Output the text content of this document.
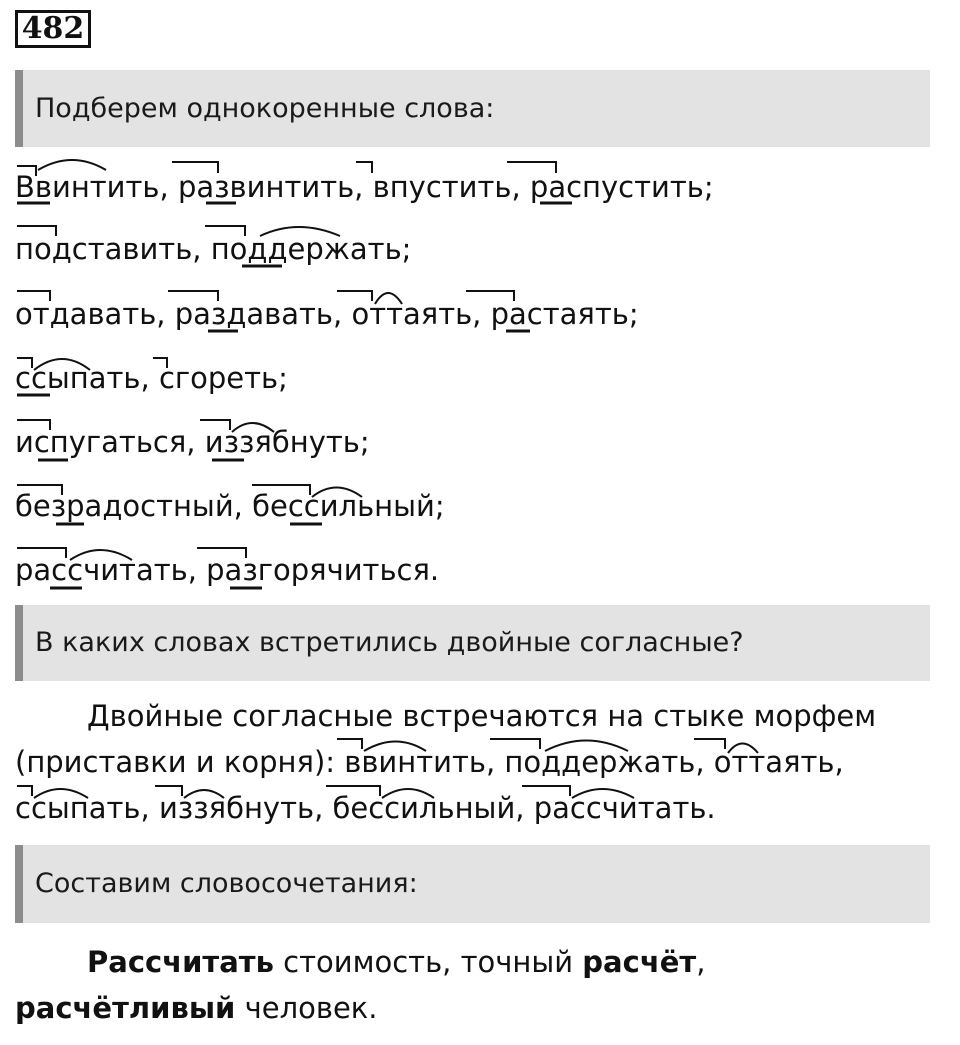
482
Подберем однокоренные слова:
Ввинтить, развинтить, впустить, распустить;
подставить, поддержать;
отдавать, раздавать, оттаять, растаять;
ссыпать, сгореть;
испугаться, иззябнуть;
безрадостный, бессильный;
рассчитать, разгорячиться.
В каких словах встретились двойные согласные?
Двойные согласные встречаются на стыке морфем (приставки и корня): ввинтить, поддержать, оттаять, ссыпать, иззябнуть, бессильный, рассчитать.
Составим словосочетания:
Рассчитать стоимость, точный расчёт, расчётливый человек.
